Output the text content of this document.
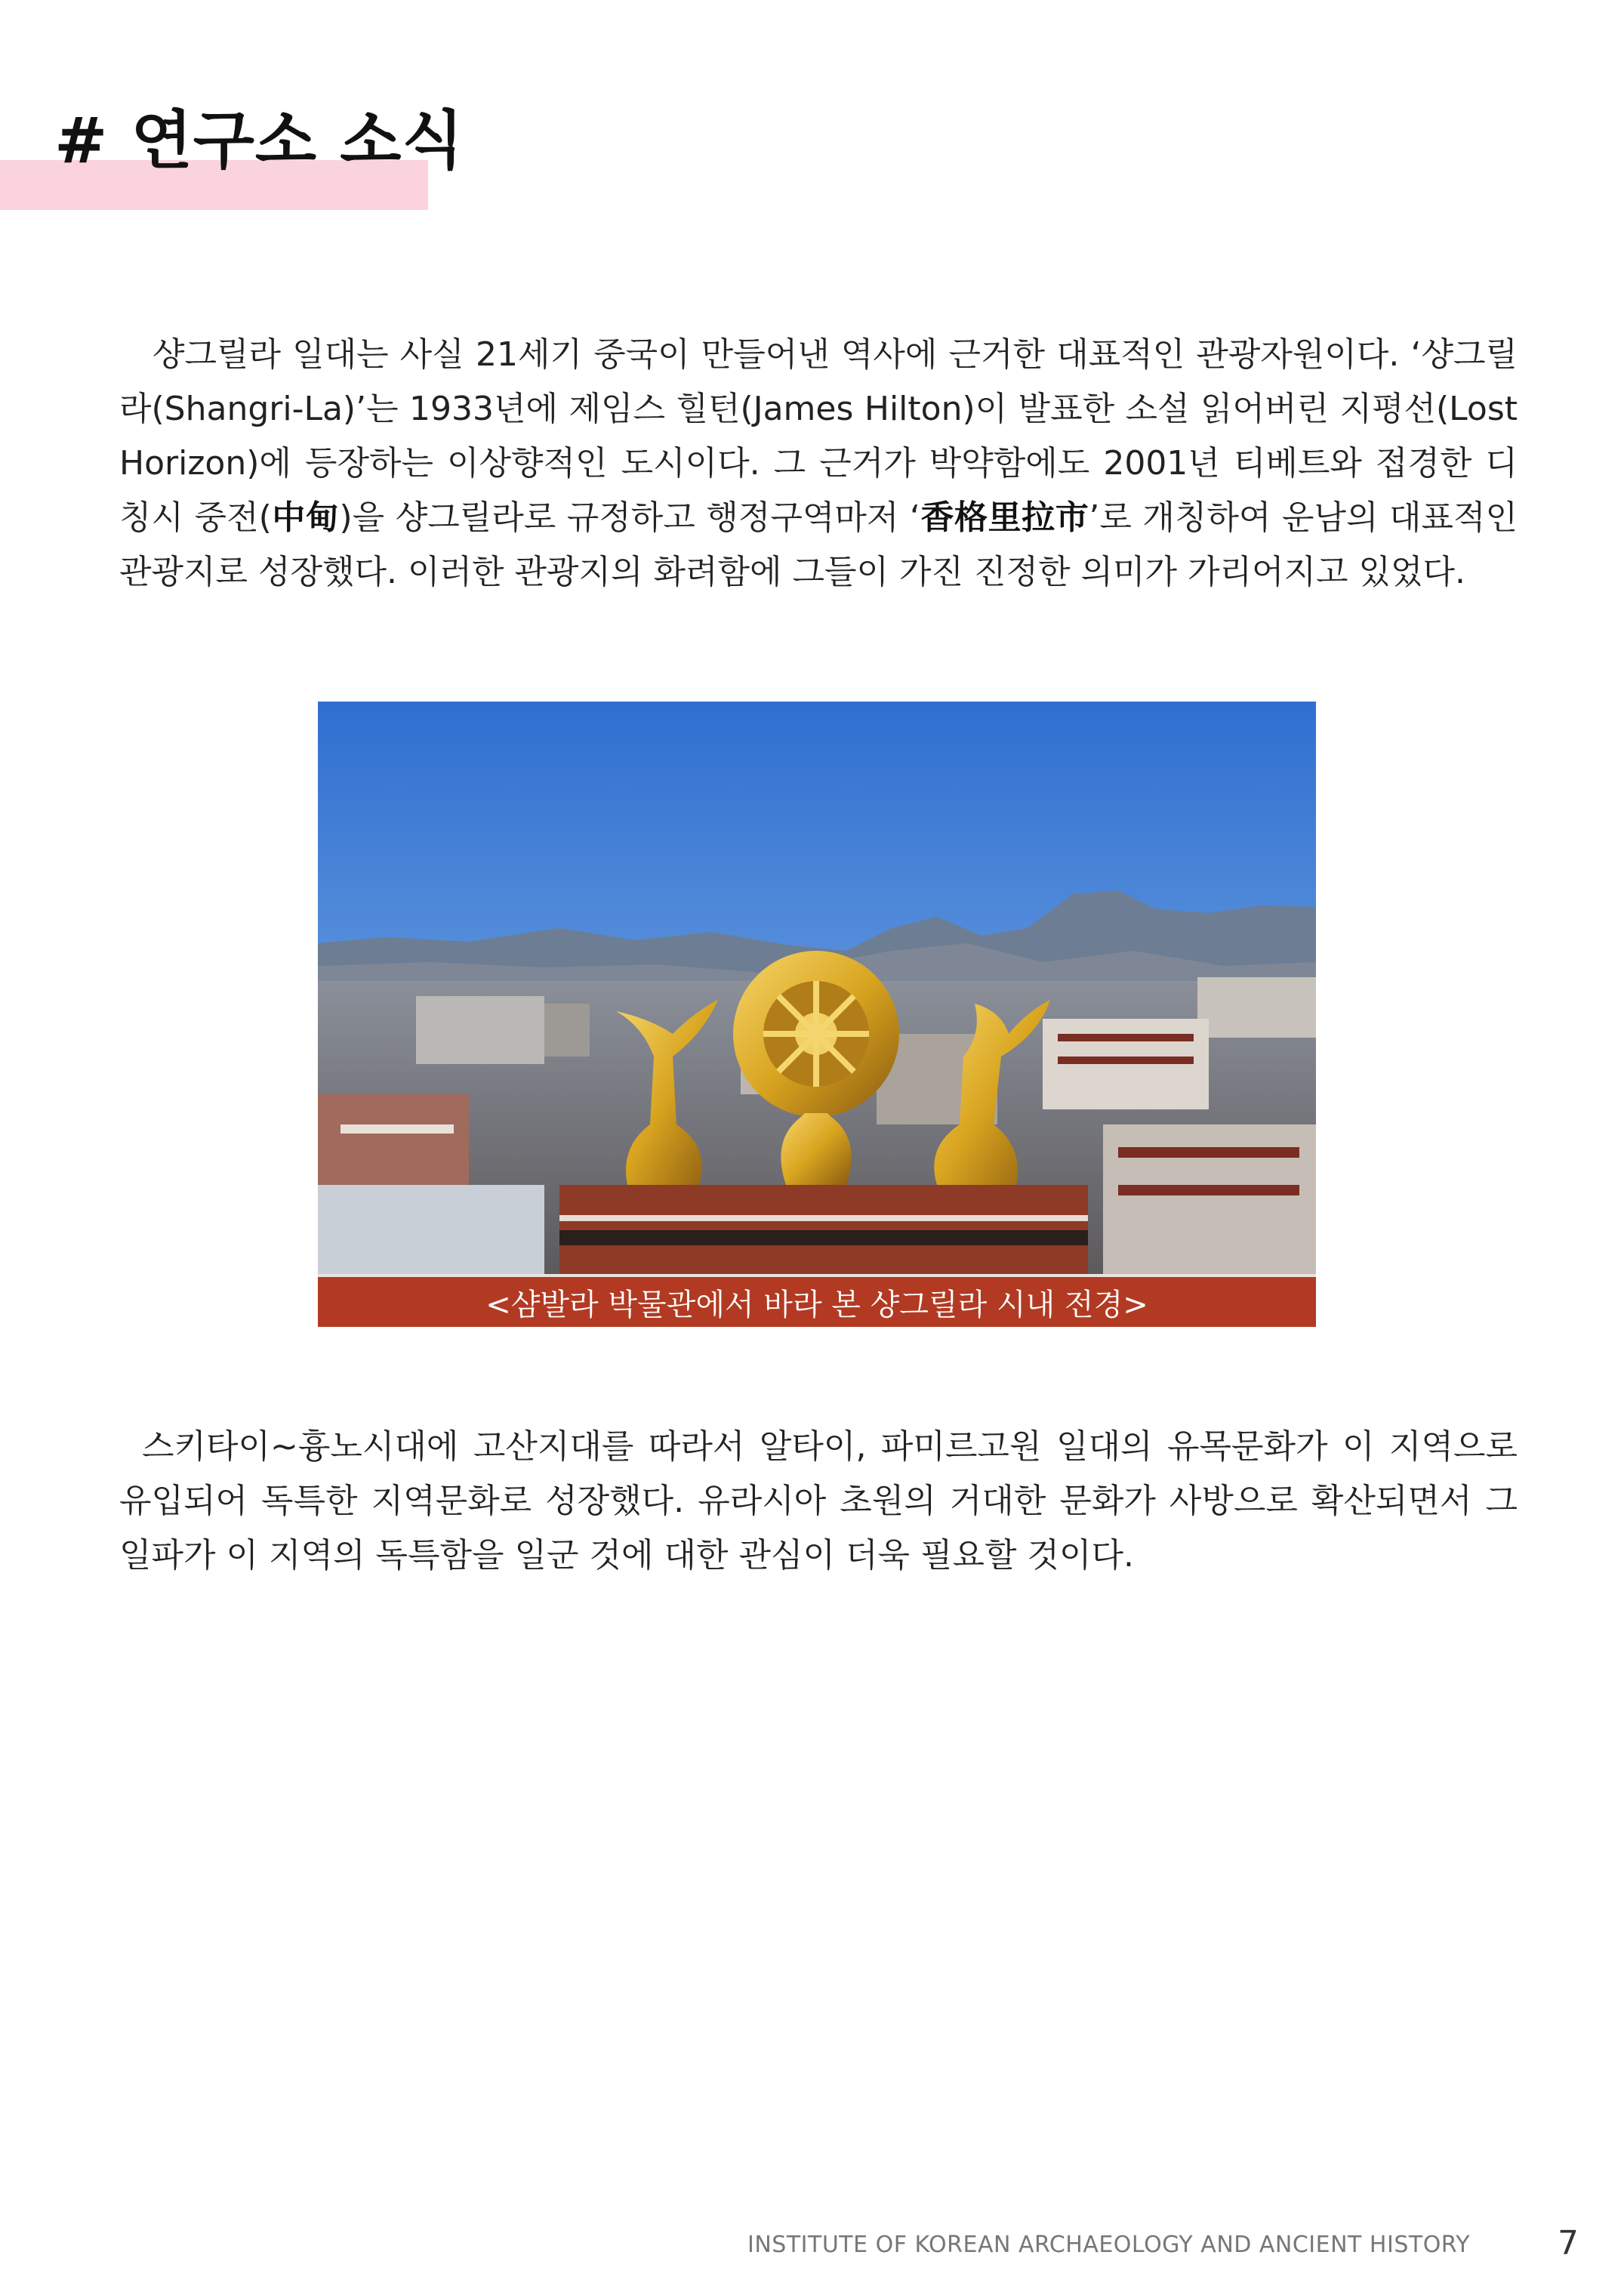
# 연구소 소식

샹그릴라 일대는 사실 21세기 중국이 만들어낸 역사에 근거한 대표적인 관광자원이다. ‘샹그릴라(Shangri-La)’는 1933년에 제임스 힐턴(James Hilton)이 발표한 소설 읽어버린 지평선(Lost Horizon)에 등장하는 이상향적인 도시이다. 그 근거가 박약함에도 2001년 티베트와 접경한 디칭시 중전(中甸)을 샹그릴라로 규정하고 행정구역마저 ‘香格里拉市’로 개칭하여 운남의 대표적인 관광지로 성장했다. 이러한 관광지의 화려함에 그들이 가진 진정한 의미가 가리어지고 있었다.

<샴발라 박물관에서 바라 본 샹그릴라 시내 전경>

스키타이~흉노시대에 고산지대를 따라서 알타이, 파미르고원 일대의 유목문화가 이 지역으로 유입되어 독특한 지역문화로 성장했다. 유라시아 초원의 거대한 문화가 사방으로 확산되면서 그 일파가 이 지역의 독특함을 일군 것에 대한 관심이 더욱 필요할 것이다.

INSTITUTE OF KOREAN ARCHAEOLOGY AND ANCIENT HISTORY	7
